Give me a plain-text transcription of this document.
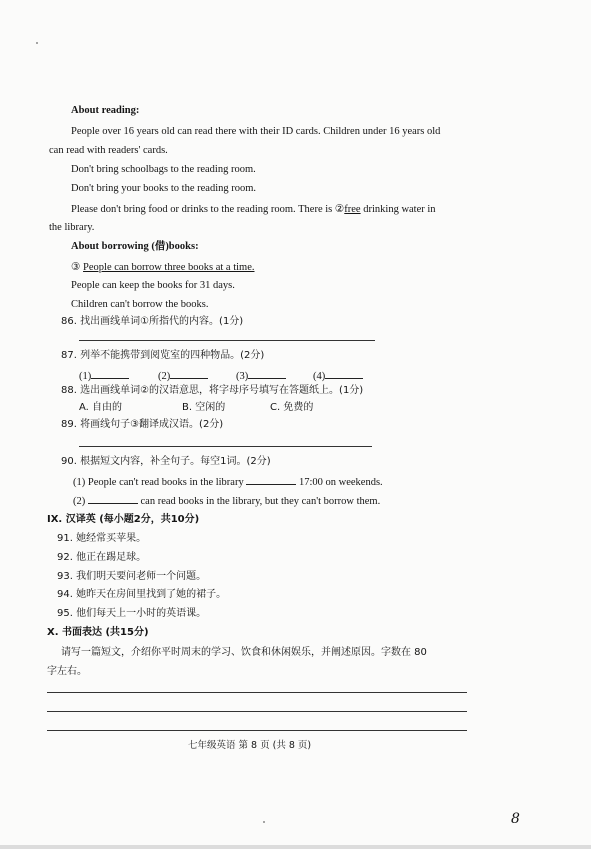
About reading:
People over 16 years old can read there with their ID cards. Children under 16 years old
can read with readers' cards.
Don't bring schoolbags to the reading room.
Don't bring your books to the reading room.
Please don't bring food or drinks to the reading room. There is ②free drinking water in
the library.
About borrowing (借)books:
③ People can borrow three books at a time.
People can keep the books for 31 days.
Children can't borrow the books.
86. 找出画线单词①所指代的内容。(1分)
87. 列举不能携带到阅览室的四种物品。(2分)
(1)	(2)	(3)	(4)
88. 选出画线单词②的汉语意思，将字母序号填写在答题纸上。(1分)
A. 自由的	B. 空闲的	C. 免费的
89. 将画线句子③翻译成汉语。(2分)
90. 根据短文内容，补全句子。每空1词。(2分)
(1) People can't read books in the library	17:00 on weekends.
(2)	can read books in the library, but they can't borrow them.
IX. 汉译英 (每小题2分，共10分)
91. 她经常买苹果。
92. 他正在踢足球。
93. 我们明天要问老师一个问题。
94. 她昨天在房间里找到了她的裙子。
95. 他们每天上一小时的英语课。
X. 书面表达 (共15分)
请写一篇短文，介绍你平时周末的学习、饮食和休闲娱乐，并阐述原因。字数在 80
字左右。
七年级英语 第 8 页 (共 8 页)
8
